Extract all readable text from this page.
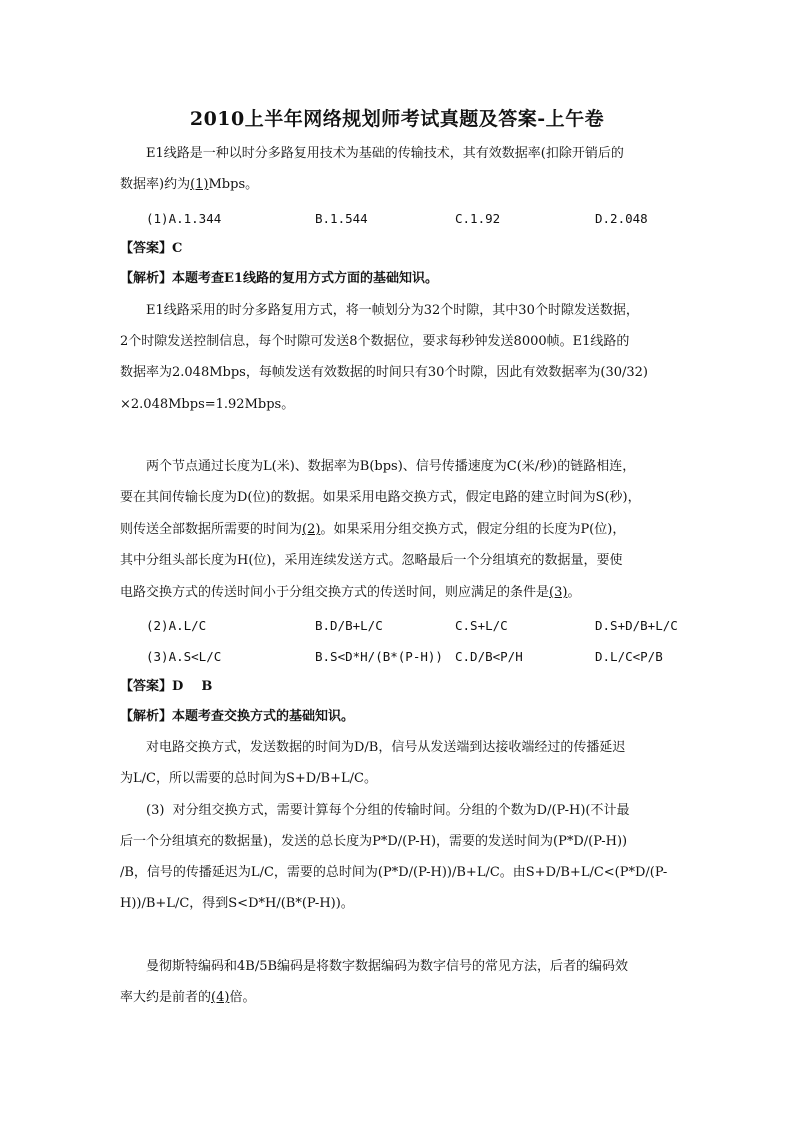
2010上半年网络规划师考试真题及答案-上午卷
E1线路是一种以时分多路复用技术为基础的传输技术，其有效数据率(扣除开销后的
数据率)约为(1)Mbps。
(1)A.1.344	B.1.544	C.1.92	D.2.048
【答案】C
【解析】本题考查E1线路的复用方式方面的基础知识。
E1线路采用的时分多路复用方式，将一帧划分为32个时隙，其中30个时隙发送数据，
2个时隙发送控制信息，每个时隙可发送8个数据位，要求每秒钟发送8000帧。E1线路的
数据率为2.048Mbps，每帧发送有效数据的时间只有30个时隙，因此有效数据率为(30/32)
×2.048Mbps=1.92Mbps。
两个节点通过长度为L(米)、数据率为B(bps)、信号传播速度为C(米/秒)的链路相连，
要在其间传输长度为D(位)的数据。如果采用电路交换方式，假定电路的建立时间为S(秒)，
则传送全部数据所需要的时间为(2)。如果采用分组交换方式，假定分组的长度为P(位)，
其中分组头部长度为H(位)，采用连续发送方式。忽略最后一个分组填充的数据量，要使
电路交换方式的传送时间小于分组交换方式的传送时间，则应满足的条件是(3)。
(2)A.L/C	B.D/B+L/C	C.S+L/C	D.S+D/B+L/C
(3)A.S<L/C	B.S<D*H/(B*(P-H)) C.D/B<P/H	D.L/C<P/B
【答案】D    B
【解析】本题考查交换方式的基础知识。
对电路交换方式，发送数据的时间为D/B，信号从发送端到达接收端经过的传播延迟
为L/C，所以需要的总时间为S+D/B+L/C。
(3)  对分组交换方式，需要计算每个分组的传输时间。分组的个数为D/(P-H)(不计最
后一个分组填充的数据量)，发送的总长度为P*D/(P-H)，需要的发送时间为(P*D/(P-H))
/B，信号的传播延迟为L/C，需要的总时间为(P*D/(P-H))/B+L/C。由S+D/B+L/C<(P*D/(P-
H))/B+L/C，得到S<D*H/(B*(P-H))。
曼彻斯特编码和4B/5B编码是将数字数据编码为数字信号的常见方法，后者的编码效
率大约是前者的(4)倍。
